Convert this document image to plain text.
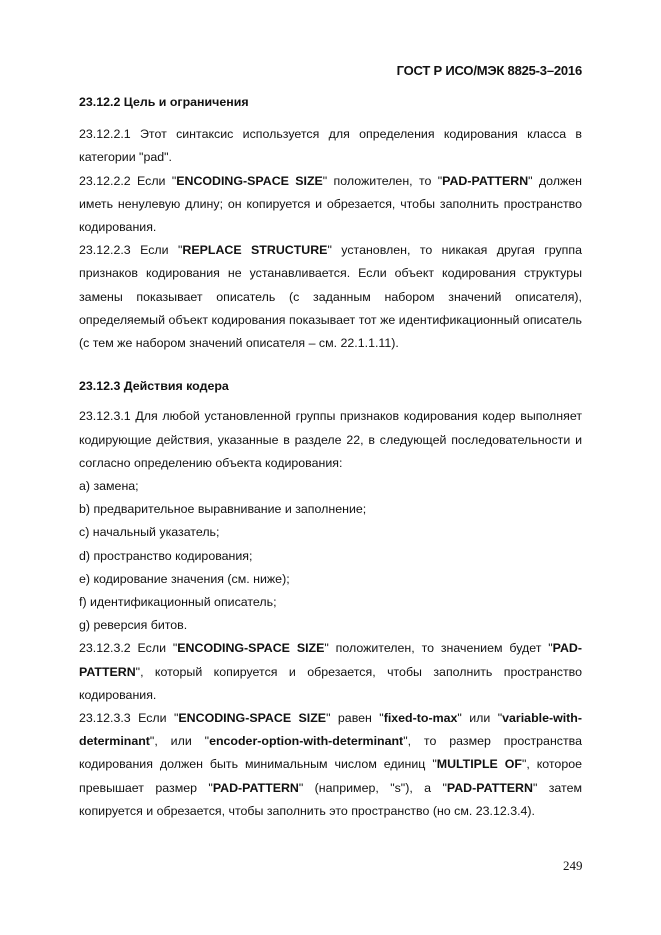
ГОСТ Р ИСО/МЭК 8825-3–2016

23.12.2 Цель и ограничения

23.12.2.1 Этот синтаксис используется для определения кодирования класса в категории "pad".

23.12.2.2 Если "ENCODING-SPACE SIZE" положителен, то "PAD-PATTERN" должен иметь ненулевую длину; он копируется и обрезается, чтобы заполнить пространство кодирования.

23.12.2.3 Если "REPLACE STRUCTURE" установлен, то никакая другая группа признаков кодирования не устанавливается. Если объект кодирования структуры замены показывает описатель (с заданным набором значений описателя), определяемый объект кодирования показывает тот же идентификационный описатель (с тем же набором значений описателя – см. 22.1.1.11).

23.12.3 Действия кодера

23.12.3.1 Для любой установленной группы признаков кодирования кодер выполняет кодирующие действия, указанные в разделе 22, в следующей последовательности и согласно определению объекта кодирования:

a) замена;

b) предварительное выравнивание и заполнение;

c) начальный указатель;

d) пространство кодирования;

e) кодирование значения (см. ниже);

f) идентификационный описатель;

g) реверсия битов.

23.12.3.2 Если "ENCODING-SPACE SIZE" положителен, то значением будет "PAD-PATTERN", который копируется и обрезается, чтобы заполнить пространство кодирования.

23.12.3.3 Если "ENCODING-SPACE SIZE" равен "fixed-to-max" или "variable-with-determinant", или "encoder-option-with-determinant", то размер пространства кодирования должен быть минимальным числом единиц "MULTIPLE OF", которое превышает размер "PAD-PATTERN" (например, "s"), а "PAD-PATTERN" затем копируется и обрезается, чтобы заполнить это пространство (но см. 23.12.3.4).

249
